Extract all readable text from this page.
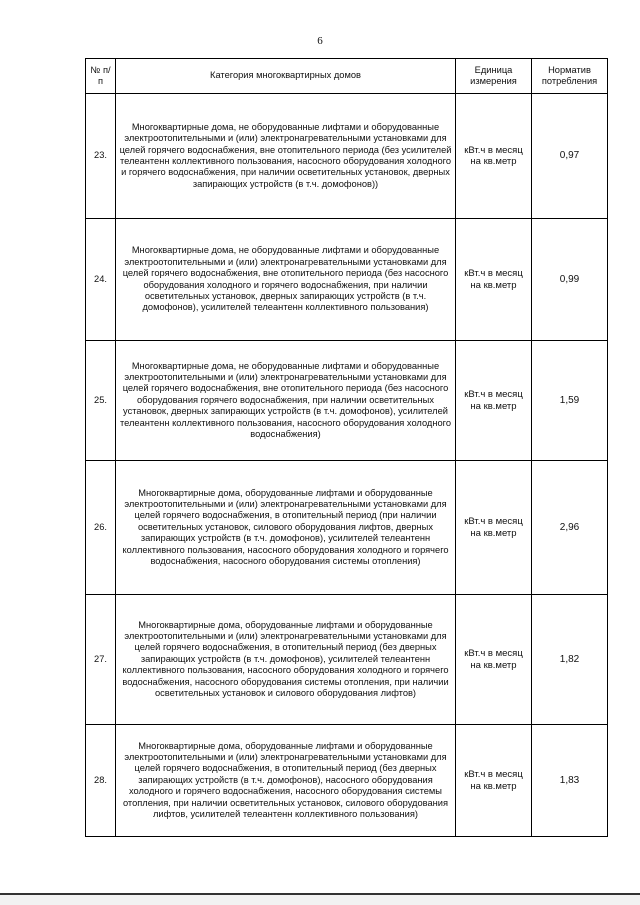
6
№ п/п	Категория многоквартирных домов	Единица измерения	Норматив потребления
23.	Многоквартирные дома, не оборудованные лифтами и оборудованные электроотопительными и (или) электронагревательными установками для целей горячего водоснабжения, вне отопительного периода (без усилителей телеантенн коллективного пользования, насосного оборудования холодного и горячего водоснабжения, при наличии осветительных установок, дверных запирающих устройств (в т.ч. домофонов))	кВт.ч в месяц на кв.метр	0,97
24.	Многоквартирные дома, не оборудованные лифтами и оборудованные электроотопительными и (или) электронагревательными установками для целей горячего водоснабжения, вне отопительного периода (без насосного оборудования холодного и горячего водоснабжения, при наличии осветительных установок, дверных запирающих устройств (в т.ч. домофонов), усилителей телеантенн коллективного пользования)	кВт.ч в месяц на кв.метр	0,99
25.	Многоквартирные дома, не оборудованные лифтами и оборудованные электроотопительными и (или) электронагревательными установками для целей горячего водоснабжения, вне отопительного периода (без насосного оборудования горячего водоснабжения, при наличии осветительных установок, дверных запирающих устройств (в т.ч. домофонов), усилителей телеантенн коллективного пользования, насосного оборудования холодного водоснабжения)	кВт.ч в месяц на кв.метр	1,59
26.	Многоквартирные дома, оборудованные лифтами и оборудованные электроотопительными и (или) электронагревательными установками для целей горячего водоснабжения, в отопительный период (при наличии осветительных установок, силового оборудования лифтов, дверных запирающих устройств (в т.ч. домофонов), усилителей телеантенн коллективного пользования, насосного оборудования холодного и горячего водоснабжения, насосного оборудования системы отопления)	кВт.ч в месяц на кв.метр	2,96
27.	Многоквартирные дома, оборудованные лифтами и оборудованные электроотопительными и (или) электронагревательными установками для целей горячего водоснабжения, в отопительный период (без дверных запирающих устройств (в т.ч. домофонов), усилителей телеантенн коллективного пользования, насосного оборудования холодного и горячего водоснабжения, насосного оборудования системы отопления, при наличии осветительных установок и силового оборудования лифтов)	кВт.ч в месяц на кв.метр	1,82
28.	Многоквартирные дома, оборудованные лифтами и оборудованные электроотопительными и (или) электронагревательными установками для целей горячего водоснабжения, в отопительный период (без дверных запирающих устройств (в т.ч. домофонов), насосного оборудования холодного и горячего водоснабжения, насосного оборудования системы отопления, при наличии осветительных установок, силового оборудования лифтов, усилителей телеантенн коллективного пользования)	кВт.ч в месяц на кв.метр	1,83
